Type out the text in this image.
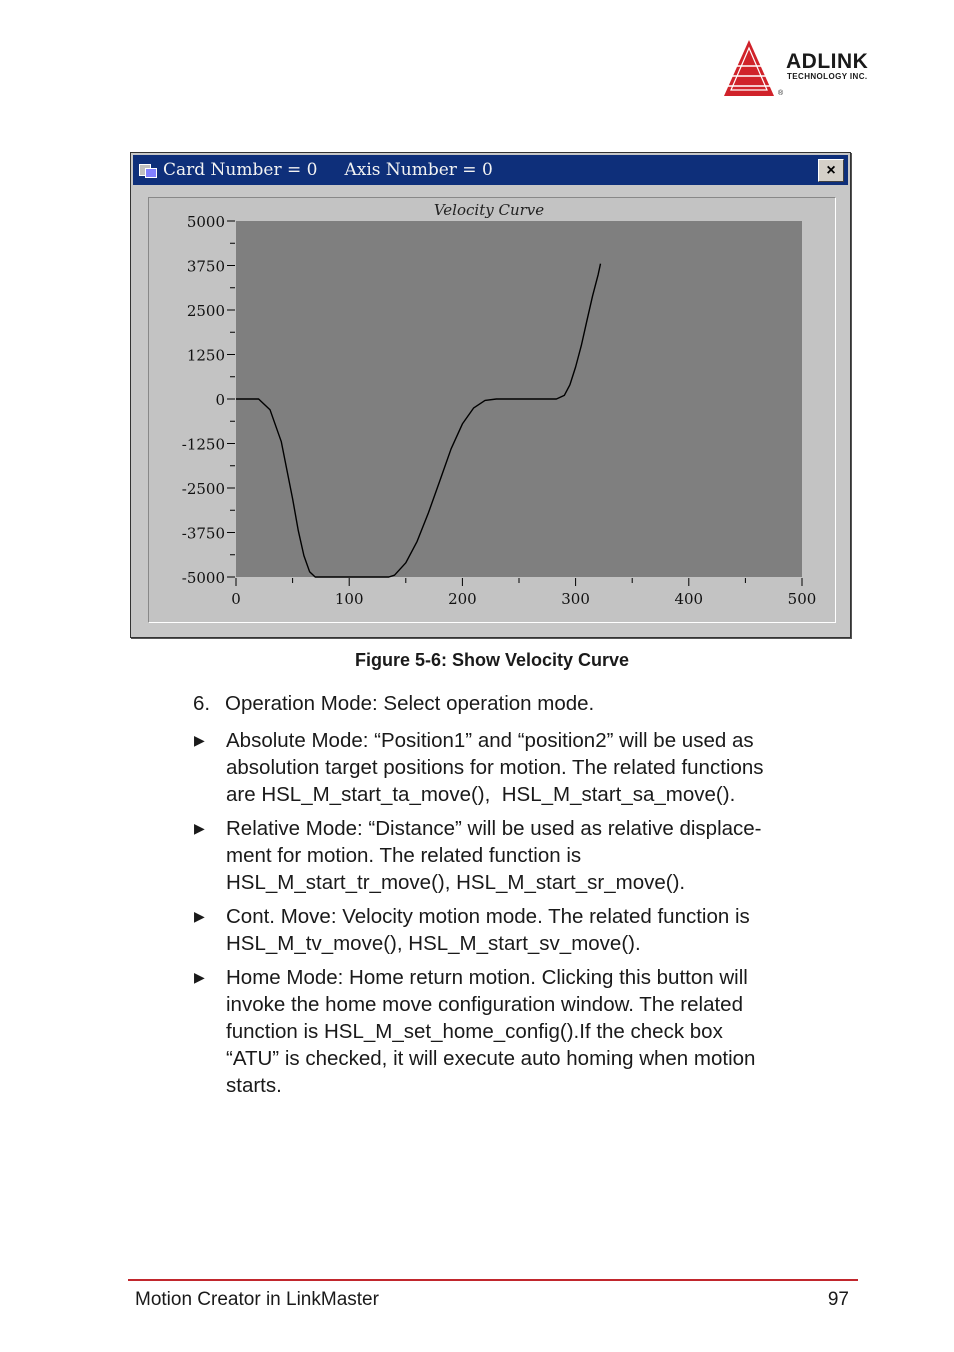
ADLINK
TECHNOLOGY INC.
®
Card Number = 0     Axis Number = 0	×
Velocity Curve
5000
3750
2500
1250
0
-1250
-2500
-3750
-5000
0	100	200	300	400	500
Figure 5-6: Show Velocity Curve
6. Operation Mode: Select operation mode.
▶	Absolute Mode: “Position1” and “position2” will be used as
absolution target positions for motion. The related functions
are HSL_M_start_ta_move(),  HSL_M_start_sa_move().
▶	Relative Mode: “Distance” will be used as relative displace-
ment for motion. The related function is
HSL_M_start_tr_move(), HSL_M_start_sr_move().
▶	Cont. Move: Velocity motion mode. The related function is
HSL_M_tv_move(), HSL_M_start_sv_move().
▶	Home Mode: Home return motion. Clicking this button will
invoke the home move configuration window. The related
function is HSL_M_set_home_config().If the check box
“ATU” is checked, it will execute auto homing when motion
starts.
Motion Creator in LinkMaster	97
